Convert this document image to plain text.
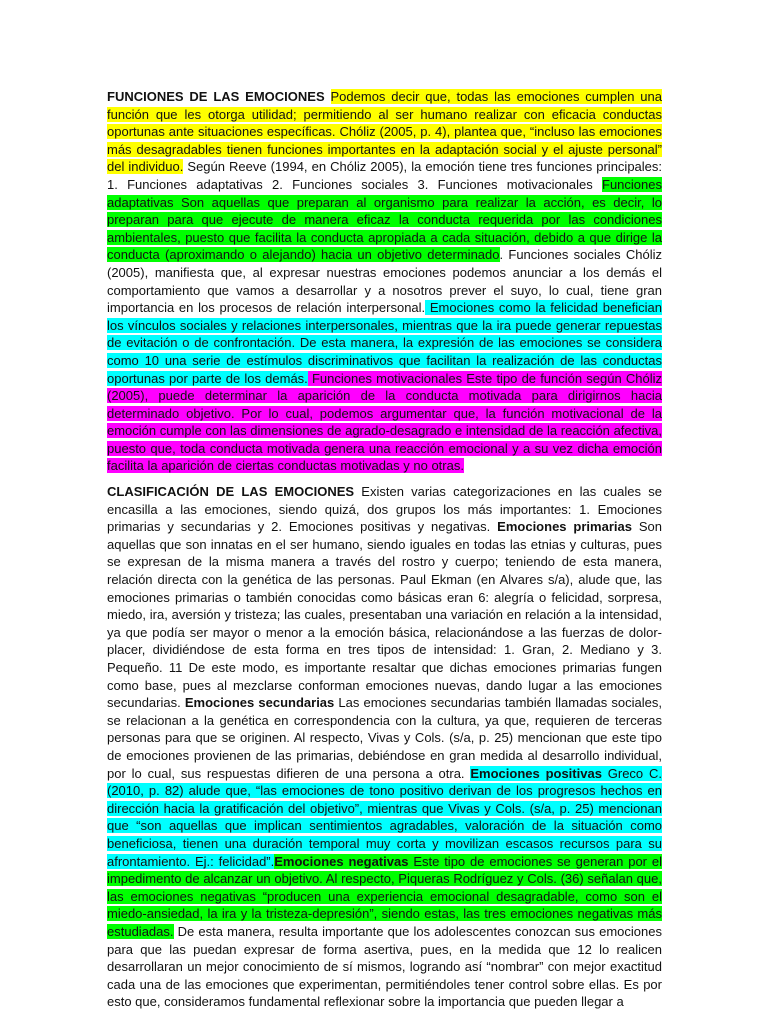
FUNCIONES DE LAS EMOCIONES Podemos decir que, todas las emociones cumplen una función que les otorga utilidad; permitiendo al ser humano realizar con eficacia conductas oportunas ante situaciones específicas. Chóliz (2005, p. 4), plantea que, “incluso las emociones más desagradables tienen funciones importantes en la adaptación social y el ajuste personal” del individuo. Según Reeve (1994, en Chóliz 2005), la emoción tiene tres funciones principales: 1. Funciones adaptativas 2. Funciones sociales 3. Funciones motivacionales Funciones adaptativas Son aquellas que preparan al organismo para realizar la acción, es decir, lo preparan para que ejecute de manera eficaz la conducta requerida por las condiciones ambientales, puesto que facilita la conducta apropiada a cada situación, debido a que dirige la conducta (aproximando o alejando) hacia un objetivo determinado. Funciones sociales Chóliz (2005), manifiesta que, al expresar nuestras emociones podemos anunciar a los demás el comportamiento que vamos a desarrollar y a nosotros prever el suyo, lo cual, tiene gran importancia en los procesos de relación interpersonal. Emociones como la felicidad benefician los vínculos sociales y relaciones interpersonales, mientras que la ira puede generar repuestas de evitación o de confrontación. De esta manera, la expresión de las emociones se considera como 10 una serie de estímulos discriminativos que facilitan la realización de las conductas oportunas por parte de los demás. Funciones motivacionales Este tipo de función según Chóliz (2005), puede determinar la aparición de la conducta motivada para dirigirnos hacia determinado objetivo. Por lo cual, podemos argumentar que, la función motivacional de la emoción cumple con las dimensiones de agrado-desagrado e intensidad de la reacción afectiva, puesto que, toda conducta motivada genera una reacción emocional y a su vez dicha emoción facilita la aparición de ciertas conductas motivadas y no otras.

CLASIFICACIÓN DE LAS EMOCIONES Existen varias categorizaciones en las cuales se encasilla a las emociones, siendo quizá, dos grupos los más importantes: 1. Emociones primarias y secundarias y 2. Emociones positivas y negativas. Emociones primarias Son aquellas que son innatas en el ser humano, siendo iguales en todas las etnias y culturas, pues se expresan de la misma manera a través del rostro y cuerpo; teniendo de esta manera, relación directa con la genética de las personas. Paul Ekman (en Alvares s/a), alude que, las emociones primarias o también conocidas como básicas eran 6: alegría o felicidad, sorpresa, miedo, ira, aversión y tristeza; las cuales, presentaban una variación en relación a la intensidad, ya que podía ser mayor o menor a la emoción básica, relacionándose a las fuerzas de dolor-placer, dividiéndose de esta forma en tres tipos de intensidad: 1. Gran, 2. Mediano y 3. Pequeño. 11 De este modo, es importante resaltar que dichas emociones primarias fungen como base, pues al mezclarse conforman emociones nuevas, dando lugar a las emociones secundarias. Emociones secundarias Las emociones secundarias también llamadas sociales, se relacionan a la genética en correspondencia con la cultura, ya que, requieren de terceras personas para que se originen. Al respecto, Vivas y Cols. (s/a, p. 25) mencionan que este tipo de emociones provienen de las primarias, debiéndose en gran medida al desarrollo individual, por lo cual, sus respuestas difieren de una persona a otra. Emociones positivas Greco C. (2010, p. 82) alude que, “las emociones de tono positivo derivan de los progresos hechos en dirección hacia la gratificación del objetivo”, mientras que Vivas y Cols. (s/a, p. 25) mencionan que “son aquellas que implican sentimientos agradables, valoración de la situación como beneficiosa, tienen una duración temporal muy corta y movilizan escasos recursos para su afrontamiento. Ej.: felicidad”.Emociones negativas Este tipo de emociones se generan por el impedimento de alcanzar un objetivo. Al respecto, Piqueras Rodríguez y Cols. (36) señalan que, las emociones negativas “producen una experiencia emocional desagradable, como son el miedo-ansiedad, la ira y la tristeza-depresión”, siendo estas, las tres emociones negativas más estudiadas. De esta manera, resulta importante que los adolescentes conozcan sus emociones para que las puedan expresar de forma asertiva, pues, en la medida que 12 lo realicen desarrollaran un mejor conocimiento de sí mismos, logrando así “nombrar” con mejor exactitud cada una de las emociones que experimentan, permitiéndoles tener control sobre ellas. Es por esto que, consideramos fundamental reflexionar sobre la importancia que pueden llegar a
